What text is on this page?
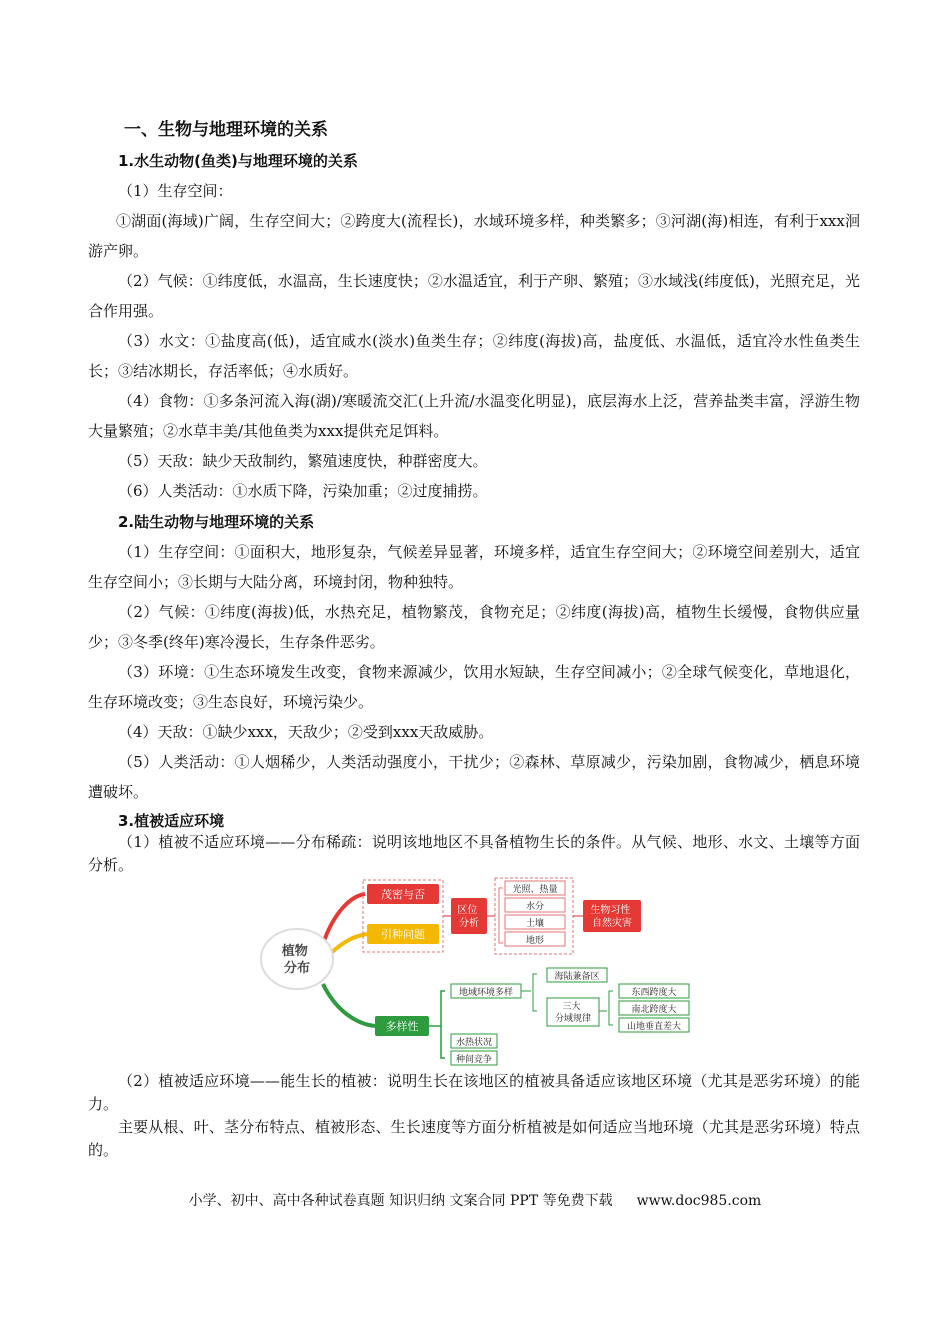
一、生物与地理环境的关系
1.水生动物(鱼类)与地理环境的关系
（1）生存空间：
①湖面(海域)广阔，生存空间大；②跨度大(流程长)，水域环境多样，种类繁多；③河湖(海)相连，有利于xxx洄游产卵。
（2）气候：①纬度低，水温高，生长速度快；②水温适宜，利于产卵、繁殖；③水域浅(纬度低)，光照充足，光合作用强。
（3）水文：①盐度高(低)，适宜咸水(淡水)鱼类生存；②纬度(海拔)高，盐度低、水温低，适宜冷水性鱼类生长；③结冰期长，存活率低；④水质好。
（4）食物：①多条河流入海(湖)/寒暖流交汇(上升流/水温变化明显)，底层海水上泛，营养盐类丰富，浮游生物大量繁殖；②水草丰美/其他鱼类为xxx提供充足饵料。
（5）天敌：缺少天敌制约，繁殖速度快，种群密度大。
（6）人类活动：①水质下降，污染加重；②过度捕捞。
2.陆生动物与地理环境的关系
（1）生存空间：①面积大，地形复杂，气候差异显著，环境多样，适宜生存空间大；②环境空间差别大，适宜生存空间小；③长期与大陆分离，环境封闭，物种独特。
（2）气候：①纬度(海拔)低，水热充足，植物繁茂，食物充足；②纬度(海拔)高，植物生长缓慢，食物供应量少；③冬季(终年)寒冷漫长，生存条件恶劣。
（3）环境：①生态环境发生改变，食物来源减少，饮用水短缺，生存空间减小；②全球气候变化，草地退化，生存环境改变；③生态良好，环境污染少。
（4）天敌：①缺少xxx，天敌少；②受到xxx天敌威胁。
（5）人类活动：①人烟稀少，人类活动强度小，干扰少；②森林、草原减少，污染加剧，食物减少，栖息环境遭破坏。
3.植被适应环境
（1）植被不适应环境——分布稀疏：说明该地地区不具备植物生长的条件。从气候、地形、水文、土壤等方面分析。
植物 分布
茂密与否
引种问题
区位 分析
光照、热量
水分
土壤
地形
生物习性 自然灾害
多样性
地域环境多样
海陆兼备区
三大 分域规律
东西跨度大
南北跨度大
山地垂直差大
水热状况
种间竞争
（2）植被适应环境——能生长的植被：说明生长在该地区的植被具备适应该地区环境（尤其是恶劣环境）的能力。
主要从根、叶、茎分布特点、植被形态、生长速度等方面分析植被是如何适应当地环境（尤其是恶劣环境）特点的。
小学、初中、高中各种试卷真题 知识归纳 文案合同 PPT 等免费下载 www.doc985.com
